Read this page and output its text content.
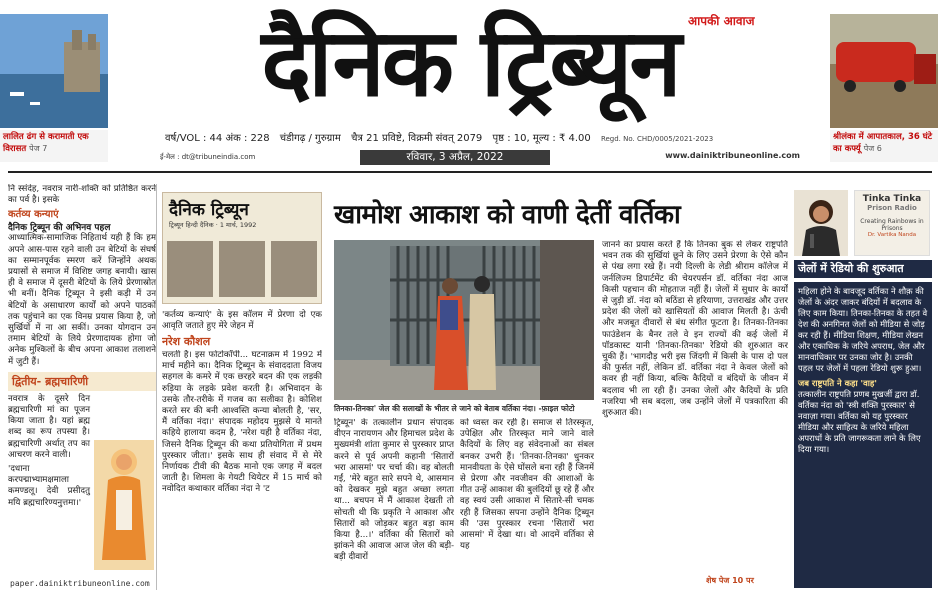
लालित ढंग से करामाती एक विरासत पेज 7
दैनिक ट्रिब्यून आपकी आवाज
श्रीलंका में आपातकाल, 36 घंटे का कर्फ्यू पेज 6
वर्ष/VOL : 44 अंक : 228 चंडीगढ़ / गुरुग्राम चैत्र 21 प्रविष्टे, विक्रमी संवत् 2079 पृष्ठ : 10, मूल्य : ₹ 4.00 Regd. No. CHD/0005/2021-2023
ई-मेल : dt@tribuneindia.com	रविवार, 3 अप्रैल, 2022	www.dainiktribuneonline.com
नि स्संदेह, नवरात्र नारी-शक्ति को प्रतिष्ठित करने का पर्व है। इसके
कर्तव्य कन्याएं
दैनिक ट्रिब्यून की अभिनव पहल
आध्यात्मिक-सामाजिक निहितार्थ यही हैं कि हम अपने आस-पास रहने वाली उन बेटियों के संघर्ष का सम्मानपूर्वक स्मरण करें जिन्होंने अथक प्रयासों से समाज में विशिष्ट जगह बनायी। खास ही वे समाज में दूसरी बेटियों के लिये प्रेरणास्रोत भी बनीं। दैनिक ट्रिब्यून ने इसी कड़ी में उन बेटियों के असाधारण कार्यों को अपने पाठकों तक पहुंचाने का एक विनम्र प्रयास किया है, जो सुर्खियों में ना आ सकीं। उनका योगदान उन तमाम बेटियों के लिये प्रेरणादायक होगा जो अनेक मुश्किलों के बीच अपना आकाश तलाशने में जुटी हैं।
द्वितीय- ब्रह्मचारिणी
नवरात्र के दूसरे दिन ब्रह्मचारिणी मां का पूजन किया जाता है। यहां ब्रह्म शब्द का रूप तपस्या है। ब्रह्मचारिणी अर्थात् तप का आचरण करने वाली।
'दधाना करपद्माभ्यामक्षमाला कमण्डलू। देवी प्रसीदतु मयि ब्रह्मचारिण्यनुत्तमा।'
paper.dainiktribuneonline.com
दैनिक ट्रिब्यून
ट्रिब्यून हिन्दी दैनिक · 1 मार्च, 1992
'कर्तव्य कन्याएं' के इस कॉलम में प्रेरणा दो एक आवृति जताते हुए मेरे जेहन में
नरेश कौशल
चलती है। इस फोटोकॉपी... घटनाक्रम में 1992 में मार्च महीने का। दैनिक ट्रिब्यून के संवाददाता विजय सहगल के कमरे में एक छरहरे बदन की एक लड़की रुड़िया के लड़के प्रवेश करती है। अभिवादन के उसके तौर-तरीके में गजब का सलीका है। कोशिश करते सर की बनी आश्वस्ति कन्या बोलती है, 'सर, मैं वर्तिका नंदा।' संपादक महोदय मुझसे ये मानते कहिये हालाया कदम है, 'नरेश यही है वर्तिका नंदा, जिसने दैनिक ट्रिब्यून की कथा प्रतियोगिता में प्रथम पुरस्कार जीता।' इसके साथ ही संवाद में से मेरे निर्णायक टीवी की बैठक मानो एक जगह में बदल जाती है। शिमला के गेयटी थियेटर में 15 मार्च को नवोदित कथाकार वर्तिका नंदा ने 'ट
खामोश आकाश को वाणी देतीं वर्तिका
तिनका-तिनका' जेल की सलाखों के भीतर ले जाने को बेताब वर्तिका नंदा। -फ़ाइल फोटो
ट्रिब्यून' के तत्कालीन प्रधान संपादक वीएन नारायणन और हिमाचल प्रदेश के मुख्यमंत्री शांता कुमार से पुरस्कार प्राप्त करने से पूर्व अपनी कहानी 'सितारों भरा आसमां' पर चर्चा की। वह बोलती गईं, 'मेरे बहुत सारे सपने थे, आसमान को देखकर मुझे बहुत अच्छा लगता था... बचपन में मैं आकाश देखती तो सोचती थी कि प्रकृति ने आकाश और सितारों को जोड़कर बहुत बड़ा काम किया है...।' वर्तिका की सितारों को झांकने की आवाज आज जेल की बड़ी-बड़ी दीवारों
को ध्वस्त कर रही है। समाज से तिरस्कृत, उपेक्षित और तिरस्कृत माने जाने वाले कैदियों के लिए वह संवेदनाओं का संबल बनकर उभरी हैं। 'तिनका-तिनका' धुनकर मानवीयता के ऐसे घोंसले बना रही हैं जिनमें से प्रेरणा और नवजीवन की आशाओं के गीत उन्हें आकाश की बुलंदियों छू रहे हैं और वह स्वयं उसी आकाश में सितारे-सी चमक रही हैं जिसका सपना उन्होंने दैनिक ट्रिब्यून की 'उस पुरस्कार रचना 'सितारों भरा आसमां' में देखा था। वो आदमें वर्तिका से यह
जानने का प्रयास करते हैं कि तिनका बुक से लेकर राष्ट्रपति भवन तक की सुर्खियां छूने के लिए उसने प्रेरणा के ऐसे कौन से पंख लगा रखे हैं। नयी दिल्ली के लेडी श्रीराम कॉलेज में जर्नलिज्म डिपार्टमेंट की चेयरपर्सन डॉ. वर्तिका नंदा आज किसी पहचान की मोहताज नहीं हैं। जेलों में सुधार के कार्यों से जुड़ी डॉ. नंदा को बठिंडा से हरियाणा, उत्तराखंड और उत्तर प्रदेश की जेलों को खासियतों की आवाज मिलती है। ऊंची और मजबूत दीवारों से बंध संगीत फूटता है। तिनका-तिनका फाउंडेशन के बैनर तले वे इन राज्यों की कई जेलों में पॉडकास्ट यानी 'तिनका-तिनका' रेडियो की शुरुआत कर चुकी हैं। 'भागदौड़ भरी इस जिंदगी में किसी के पास दो पल की फुर्सत नहीं, लेकिन डॉ. वर्तिका नंदा ने केवल जेलों को कवर ही नहीं किया, बल्कि कैदियों व बंदियों के जीवन में बदलाव भी ला रही हैं। उनका जेलों और कैदियों के प्रति नजरिया भी सब बदला, जब उन्होंने जेलों में पत्रकारिता की शुरुआत की।
शेष पेज 10 पर
Tinka Tinka
Prison Radio
Creating Rainbows in Prisons
Dr. Vartika Nanda
जेलों में रेडियो की शुरुआत
महिला होने के बावजूद वर्तिका ने शौक़ की जेलों के अंदर जाकर बंदियों में बदलाव के लिए काम किया। तिनका-तिनका के तहत वे देश की अनगिनत जेलों को मीडिया से जोड़ कर रही हैं। मीडिया शिक्षण, मीडिया लेखन और एकाधिक के जरिये अपराध, जेल और मानवाधिकार पर उनका जोर है। उनकी पहल पर जेलों में पहला रेडियो शुरू हुआ।
जब राष्ट्रपति ने कहा 'वाह'
तत्कालीन राष्ट्रपति प्रणब मुखर्जी द्वारा डॉ. वर्तिका नंदा को 'स्त्री शक्ति पुरस्कार' से नवाज़ा गया। वर्तिका को यह पुरस्कार मीडिया और साहित्य के जरिये महिला अपराधों के प्रति जागरूकता लाने के लिए दिया गया।
